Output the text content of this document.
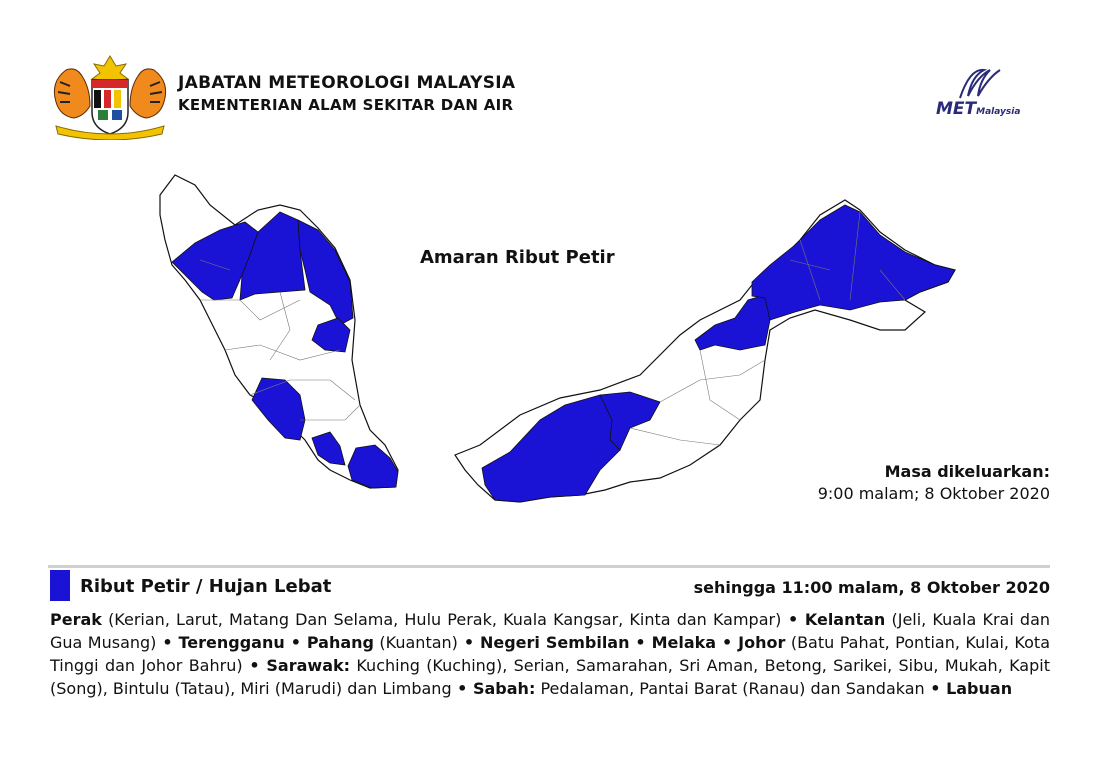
JABATAN METEOROLOGI MALAYSIA
KEMENTERIAN ALAM SEKITAR DAN AIR	METMalaysia
Amaran Ribut Petir
Masa dikeluarkan:
9:00 malam; 8 Oktober 2020
Ribut Petir / Hujan Lebat	sehingga 11:00 malam, 8 Oktober 2020
Perak (Kerian, Larut, Matang Dan Selama, Hulu Perak, Kuala Kangsar, Kinta dan Kampar) • Kelantan (Jeli, Kuala Krai dan Gua Musang) • Terengganu • Pahang (Kuantan) • Negeri Sembilan • Melaka • Johor (Batu Pahat, Pontian, Kulai, Kota Tinggi dan Johor Bahru) • Sarawak: Kuching (Kuching), Serian, Samarahan, Sri Aman, Betong, Sarikei, Sibu, Mukah, Kapit (Song), Bintulu (Tatau), Miri (Marudi) dan Limbang • Sabah: Pedalaman, Pantai Barat (Ranau) dan Sandakan • Labuan
